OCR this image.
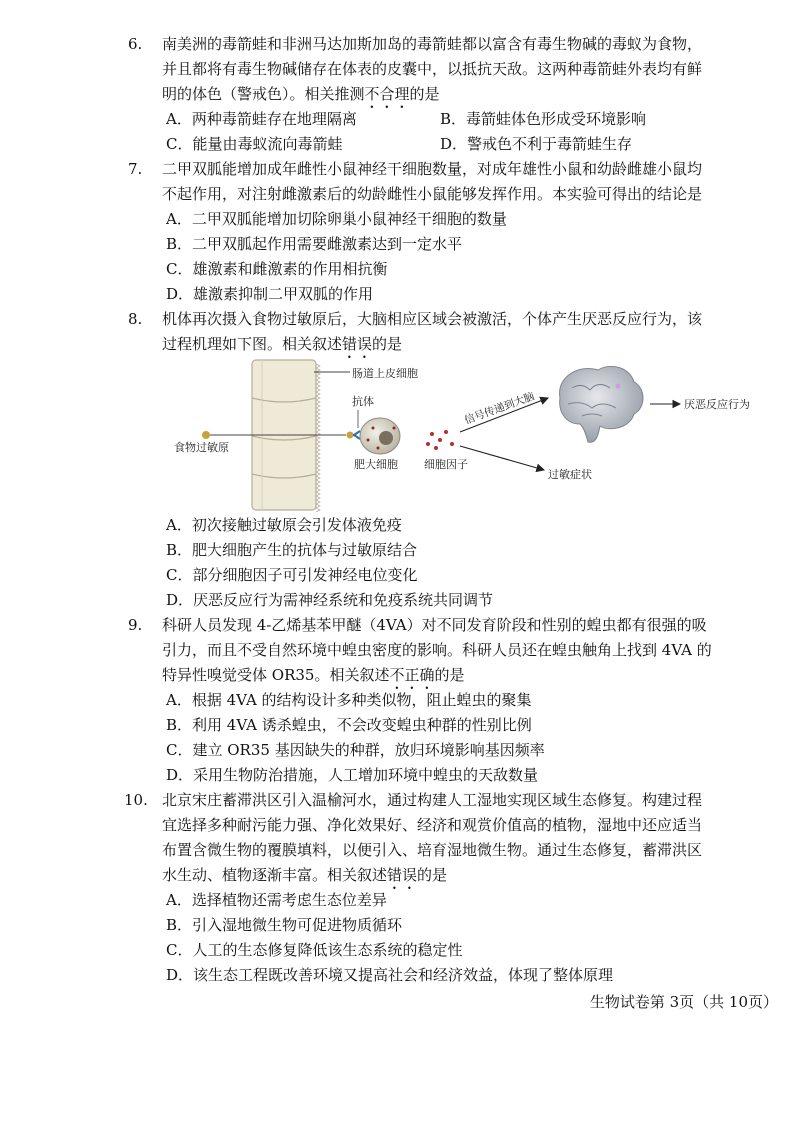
6.	南美洲的毒箭蛙和非洲马达加斯加岛的毒箭蛙都以富含有毒生物碱的毒蚁为食物，
并且都将有毒生物碱储存在体表的皮囊中，以抵抗天敌。这两种毒箭蛙外表均有鲜
明的体色（警戒色）。相关推测不合理的是
A．两种毒箭蛙存在地理隔离	B．毒箭蛙体色形成受环境影响
C．能量由毒蚁流向毒箭蛙	D．警戒色不利于毒箭蛙生存
7.	二甲双胍能增加成年雌性小鼠神经干细胞数量，对成年雄性小鼠和幼龄雌雄小鼠均
不起作用，对注射雌激素后的幼龄雌性小鼠能够发挥作用。本实验可得出的结论是
A．二甲双胍能增加切除卵巢小鼠神经干细胞的数量
B．二甲双胍起作用需要雌激素达到一定水平
C．雄激素和雌激素的作用相抗衡
D．雄激素抑制二甲双胍的作用
8.	机体再次摄入食物过敏原后，大脑相应区域会被激活，个体产生厌恶反应行为，该
过程机理如下图。相关叙述错误的是
肠道上皮细胞
食物过敏原
抗体
肥大细胞 细胞因子
信号传递到大脑
过敏症状
厌恶反应行为
A．初次接触过敏原会引发体液免疫
B．肥大细胞产生的抗体与过敏原结合
C．部分细胞因子可引发神经电位变化
D．厌恶反应行为需神经系统和免疫系统共同调节
9.	科研人员发现 4-乙烯基苯甲醚（4VA）对不同发育阶段和性别的蝗虫都有很强的吸
引力，而且不受自然环境中蝗虫密度的影响。科研人员还在蝗虫触角上找到 4VA 的
特异性嗅觉受体 OR35。相关叙述不正确的是
A．根据 4VA 的结构设计多种类似物，阻止蝗虫的聚集
B．利用 4VA 诱杀蝗虫，不会改变蝗虫种群的性别比例
C．建立 OR35 基因缺失的种群，放归环境影响基因频率
D．采用生物防治措施，人工增加环境中蝗虫的天敌数量
10. 北京宋庄蓄滞洪区引入温榆河水，通过构建人工湿地实现区域生态修复。构建过程
宜选择多种耐污能力强、净化效果好、经济和观赏价值高的植物，湿地中还应适当
布置含微生物的覆膜填料，以便引入、培育湿地微生物。通过生态修复，蓄滞洪区
水生动、植物逐渐丰富。相关叙述错误的是
A．选择植物还需考虑生态位差异
B．引入湿地微生物可促进物质循环
C．人工的生态修复降低该生态系统的稳定性
D．该生态工程既改善环境又提高社会和经济效益，体现了整体原理
生物试卷第 3页（共 10页）
